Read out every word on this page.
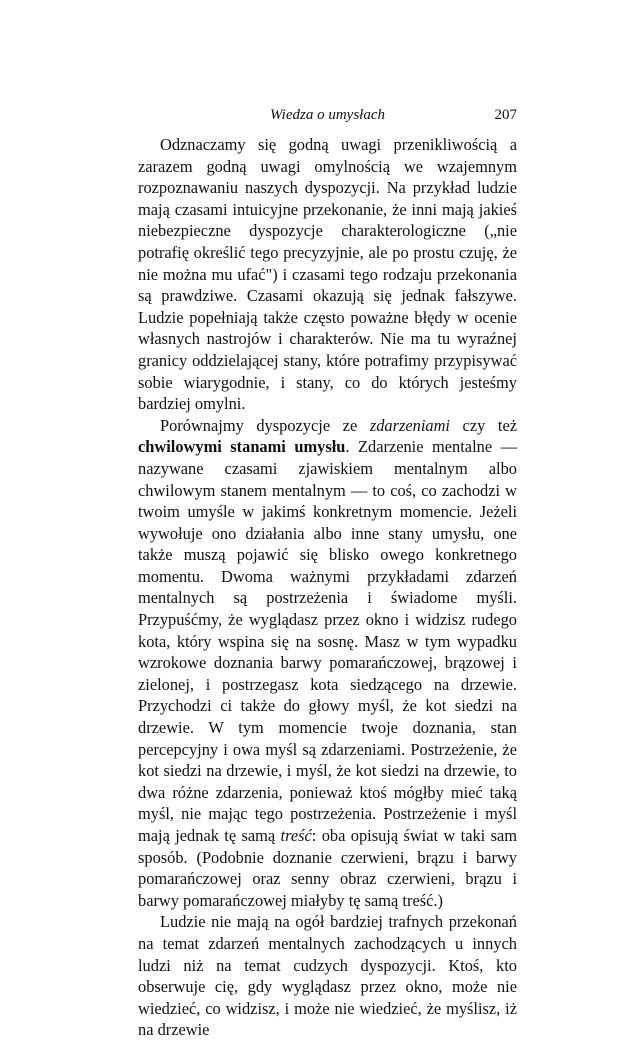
Wiedza o umysłach	207

Odznaczamy się godną uwagi przenikliwością a zarazem godną uwagi omylnością we wzajemnym rozpoznawaniu naszych dyspozycji. Na przykład ludzie mają czasami intuicyjne przekonanie, że inni mają jakieś niebezpieczne dyspozycje charakterologiczne („nie potrafię określić tego precyzyjnie, ale po prostu czuję, że nie można mu ufać") i czasami tego rodzaju przekonania są prawdziwe. Czasami okazują się jednak fałszywe. Ludzie popełniają także często poważne błędy w ocenie własnych nastrojów i charakterów. Nie ma tu wyraźnej granicy oddzielającej stany, które potrafimy przypisywać sobie wiarygodnie, i stany, co do których jesteśmy bardziej omylni.

Porównajmy dyspozycje ze zdarzeniami czy też chwilowymi stanami umysłu. Zdarzenie mentalne — nazywane czasami zjawiskiem mentalnym albo chwilowym stanem mentalnym — to coś, co zachodzi w twoim umyśle w jakimś konkretnym momencie. Jeżeli wywołuje ono działania albo inne stany umysłu, one także muszą pojawić się blisko owego konkretnego momentu. Dwoma ważnymi przykładami zdarzeń mentalnych są postrzeżenia i świadome myśli. Przypuśćmy, że wyglądasz przez okno i widzisz rudego kota, który wspina się na sosnę. Masz w tym wypadku wzrokowe doznania barwy pomarańczowej, brązowej i zielonej, i postrzegasz kota siedzącego na drzewie. Przychodzi ci także do głowy myśl, że kot siedzi na drzewie. W tym momencie twoje doznania, stan percepcyjny i owa myśl są zdarzeniami. Postrzeżenie, że kot siedzi na drzewie, i myśl, że kot siedzi na drzewie, to dwa różne zdarzenia, ponieważ ktoś mógłby mieć taką myśl, nie mając tego postrzeżenia. Postrzeżenie i myśl mają jednak tę samą treść: oba opisują świat w taki sam sposób. (Podobnie doznanie czerwieni, brązu i barwy pomarańczowej oraz senny obraz czerwieni, brązu i barwy pomarańczowej miałyby tę samą treść.)

Ludzie nie mają na ogół bardziej trafnych przekonań na temat zdarzeń mentalnych zachodzących u innych ludzi niż na temat cudzych dyspozycji. Ktoś, kto obserwuje cię, gdy wyglądasz przez okno, może nie wiedzieć, co widzisz, i może nie wiedzieć, że myślisz, iż na drzewie
